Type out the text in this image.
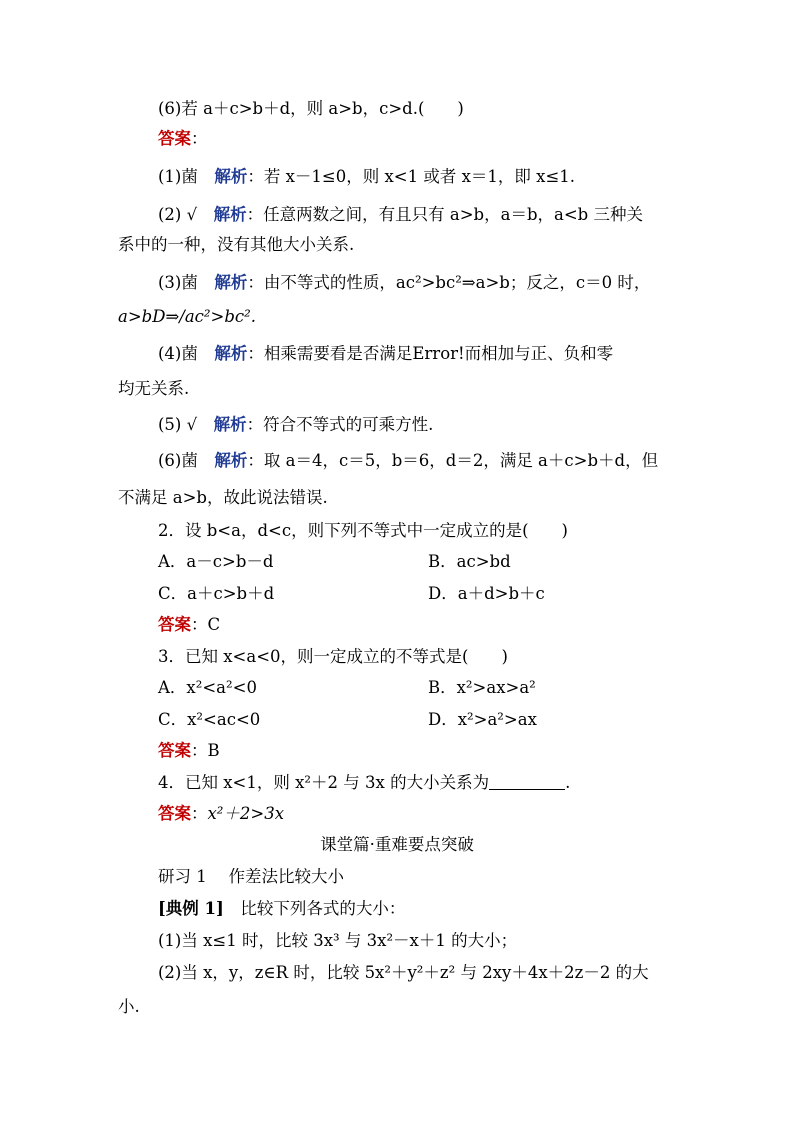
(6)若 a＋c>b＋d，则 a>b，c>d.(　　)
答案：
(1)菌　 解析：若 x－1≤0，则 x<1 或者 x＝1，即 x≤1.
(2) √　 解析：任意两数之间，有且只有 a>b，a＝b，a<b 三种关
系中的一种，没有其他大小关系.
(3)菌　 解析：由不等式的性质，ac²>bc²⇒a>b；反之，c＝0 时，
a>bD⇒/ac²>bc².
(4)菌　 解析：相乘需要看是否满足Error!而相加与正、负和零
均无关系.
(5) √　 解析：符合不等式的可乘方性.
(6)菌　 解析：取 a＝4，c＝5，b＝6，d＝2，满足 a＋c>b＋d，但
不满足 a>b，故此说法错误.
2．设 b<a，d<c，则下列不等式中一定成立的是(　　)
A．a－c>b－d	B．ac>bd
C．a＋c>b＋d	D．a＋d>b＋c
答案：C
3．已知 x<a<0，则一定成立的不等式是(　　)
A．x²<a²<0	B．x²>ax>a²
C．x²<ac<0	D．x²>a²>ax
答案：B
4．已知 x<1，则 x²＋2 与 3x 的大小关系为	.
答案：x²＋2>3x
课堂篇·重难要点突破
研习 1　 作差法比较大小
[典例 1]　比较下列各式的大小：
(1)当 x≤1 时，比较 3x³ 与 3x²－x＋1 的大小；
(2)当 x，y，z∈R 时，比较 5x²＋y²＋z² 与 2xy＋4x＋2z－2 的大
小.
